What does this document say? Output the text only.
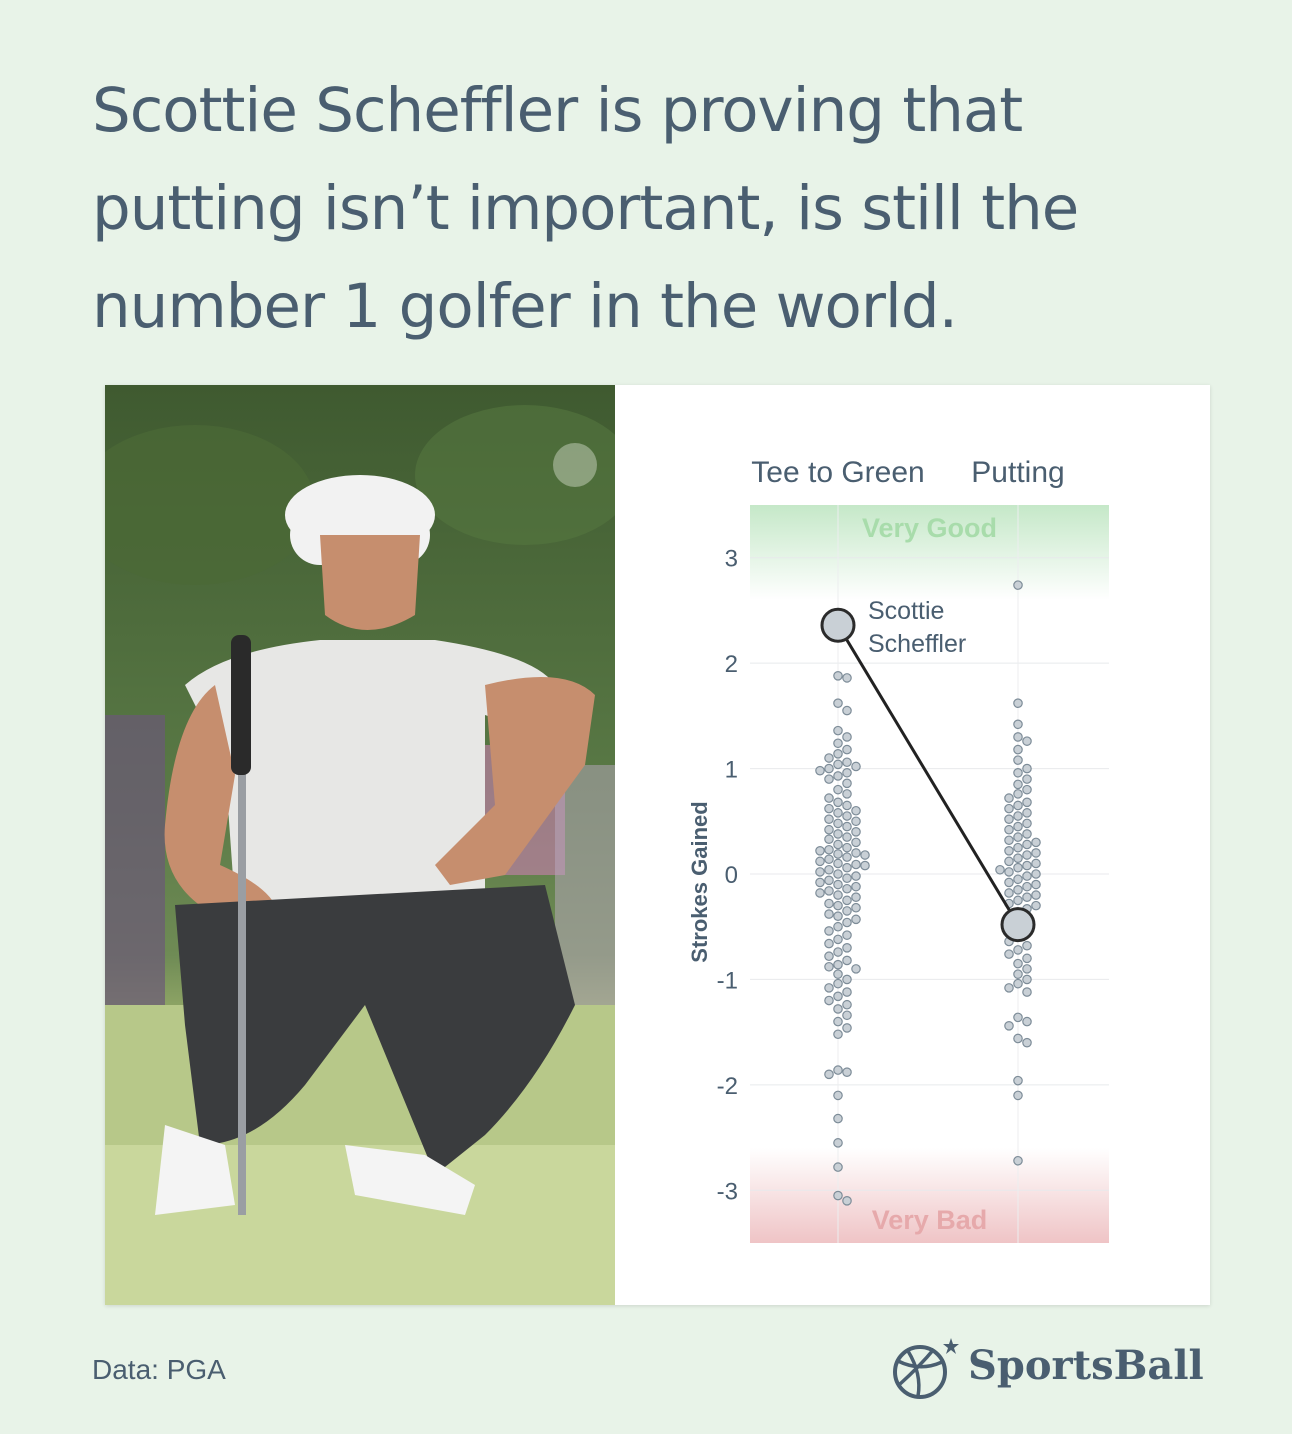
Scottie Scheffler is proving that putting isn’t important, is still the number 1 golfer in the world.
Very Good
Very Bad
Scottie
Scheffler
3
2
1
0
-1
-2
-3
Strokes Gained
Tee to Green Putting
Data: PGA	SportsBall
